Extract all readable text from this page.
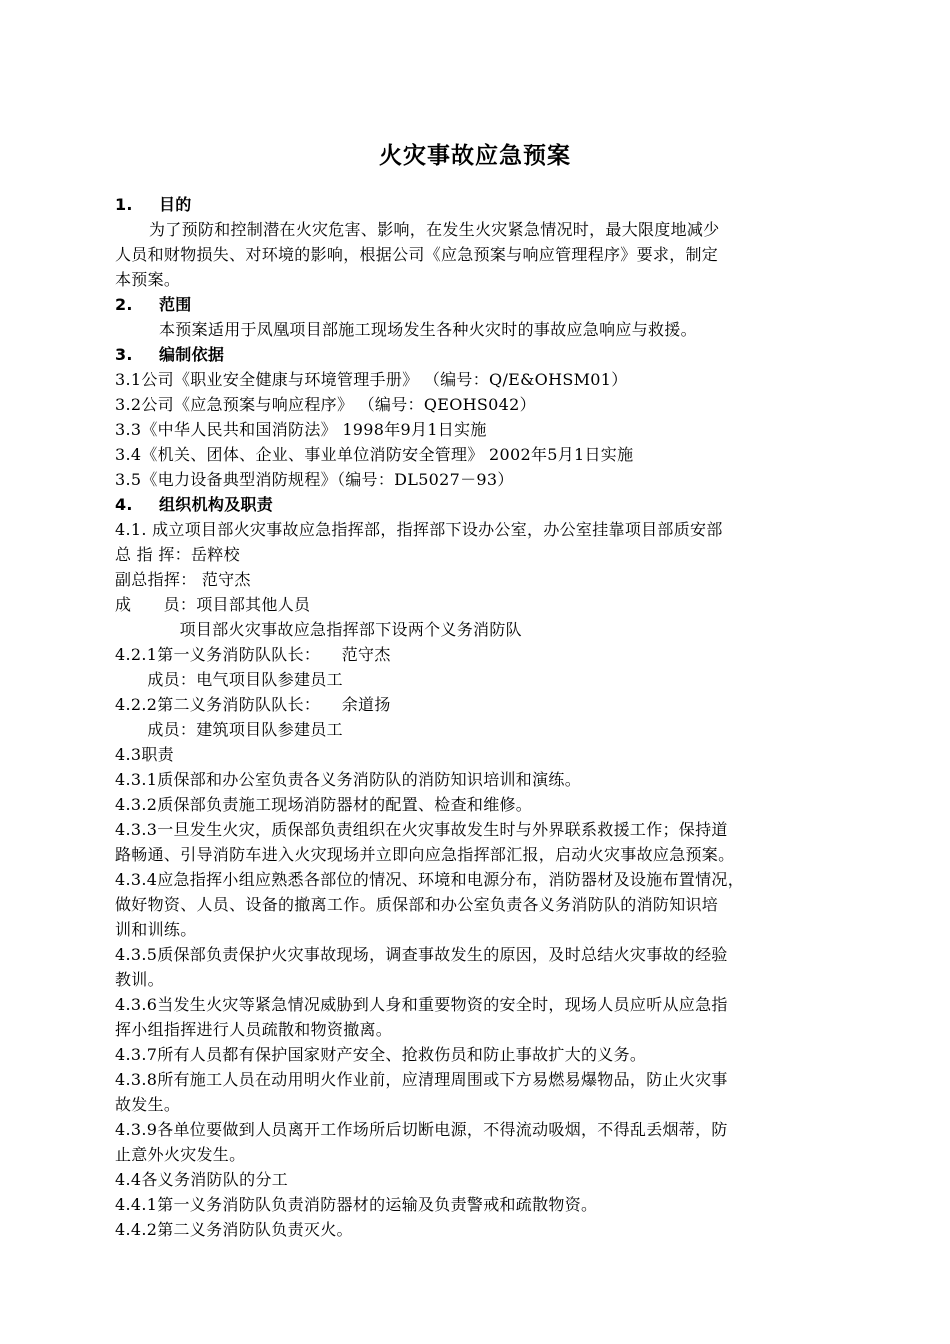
火灾事故应急预案
1. 目的
为了预防和控制潜在火灾危害、影响，在发生火灾紧急情况时，最大限度地减少
人员和财物损失、对环境的影响，根据公司《应急预案与响应管理程序》要求，制定
本预案。
2. 范围
本预案适用于凤凰项目部施工现场发生各种火灾时的事故应急响应与救援。
3. 编制依据
3.1公司《职业安全健康与环境管理手册》 （编号：Q/E&OHSM01）
3.2公司《应急预案与响应程序》 （编号：QEOHS042）
3.3《中华人民共和国消防法》 1998年9月1日实施
3.4《机关、团体、企业、事业单位消防安全管理》 2002年5月1日实施
3.5《电力设备典型消防规程》（编号：DL5027－93）
4. 组织机构及职责
4.1. 成立项目部火灾事故应急指挥部，指挥部下设办公室，办公室挂靠项目部质安部
总 指 挥：岳粹校
副总指挥： 范守杰
成      员：项目部其他人员
项目部火灾事故应急指挥部下设两个义务消防队
4.2.1第一义务消防队队长：    范守杰
成员：电气项目队参建员工
4.2.2第二义务消防队队长：    余道扬
成员：建筑项目队参建员工
4.3职责
4.3.1质保部和办公室负责各义务消防队的消防知识培训和演练。
4.3.2质保部负责施工现场消防器材的配置、检查和维修。
4.3.3一旦发生火灾，质保部负责组织在火灾事故发生时与外界联系救援工作；保持道
路畅通、引导消防车进入火灾现场并立即向应急指挥部汇报，启动火灾事故应急预案。
4.3.4应急指挥小组应熟悉各部位的情况、环境和电源分布，消防器材及设施布置情况，
做好物资、人员、设备的撤离工作。质保部和办公室负责各义务消防队的消防知识培
训和训练。
4.3.5质保部负责保护火灾事故现场，调查事故发生的原因，及时总结火灾事故的经验
教训。
4.3.6当发生火灾等紧急情况威胁到人身和重要物资的安全时，现场人员应听从应急指
挥小组指挥进行人员疏散和物资撤离。
4.3.7所有人员都有保护国家财产安全、抢救伤员和防止事故扩大的义务。
4.3.8所有施工人员在动用明火作业前，应清理周围或下方易燃易爆物品，防止火灾事
故发生。
4.3.9各单位要做到人员离开工作场所后切断电源，不得流动吸烟，不得乱丢烟蒂，防
止意外火灾发生。
4.4各义务消防队的分工
4.4.1第一义务消防队负责消防器材的运输及负责警戒和疏散物资。
4.4.2第二义务消防队负责灭火。
